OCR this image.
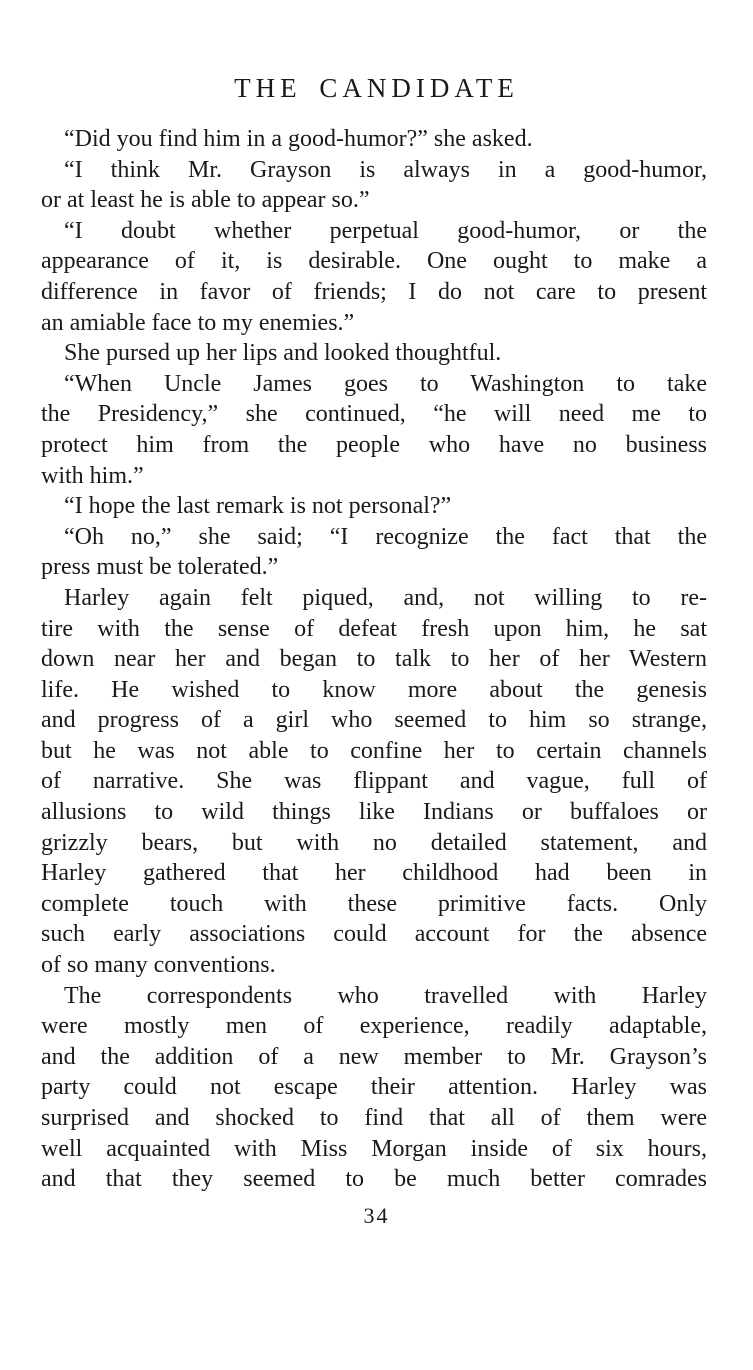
THE CANDIDATE
“Did you find him in a good-humor?” she asked.
“I think Mr. Grayson is always in a good-humor,
or at least he is able to appear so.”
“I doubt whether perpetual good-humor, or the
appearance of it, is desirable. One ought to make a
difference in favor of friends; I do not care to present
an amiable face to my enemies.”
She pursed up her lips and looked thoughtful.
“When Uncle James goes to Washington to take
the Presidency,” she continued, “he will need me to
protect him from the people who have no business
with him.”
“I hope the last remark is not personal?”
“Oh no,” she said; “I recognize the fact that the
press must be tolerated.”
Harley again felt piqued, and, not willing to re-
tire with the sense of defeat fresh upon him, he sat
down near her and began to talk to her of her Western
life. He wished to know more about the genesis
and progress of a girl who seemed to him so strange,
but he was not able to confine her to certain channels
of narrative. She was flippant and vague, full of
allusions to wild things like Indians or buffaloes or
grizzly bears, but with no detailed statement, and
Harley gathered that her childhood had been in
complete touch with these primitive facts. Only
such early associations could account for the absence
of so many conventions.
The correspondents who travelled with Harley
were mostly men of experience, readily adaptable,
and the addition of a new member to Mr. Grayson’s
party could not escape their attention. Harley was
surprised and shocked to find that all of them were
well acquainted with Miss Morgan inside of six hours,
and that they seemed to be much better comrades
34
